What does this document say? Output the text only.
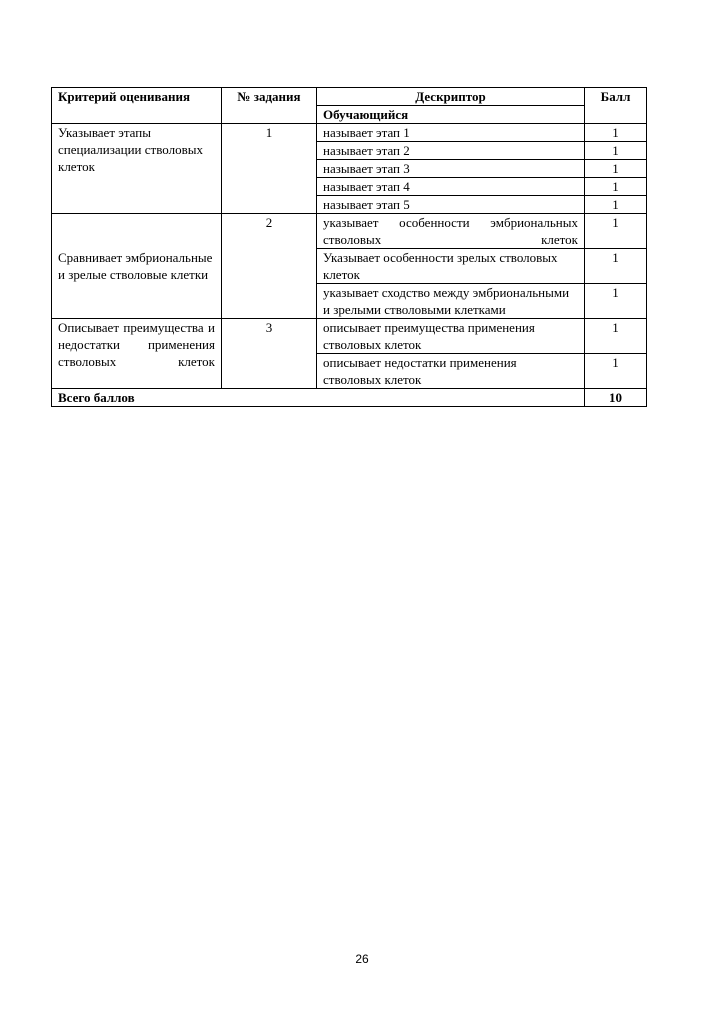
Критерий оценивания	№ задания	Дескриптор	Балл
		Обучающийся	
Указывает этапы специализации стволовых клеток	1	называет этап 1	1
		называет этап 2	1
		называет этап 3	1
		называет этап 4	1
		называет этап 5	1
Сравнивает эмбриональные и зрелые стволовые клетки	2	указывает особенности эмбриональных стволовых клеток	1
		Указывает особенности зрелых стволовых клеток	1
		указывает сходство между эмбриональными и зрелыми стволовыми клетками	1
Описывает преимущества и недостатки применения стволовых клеток	3	описывает преимущества применения стволовых клеток	1
		описывает недостатки применения стволовых клеток	1
Всего баллов			10
26
